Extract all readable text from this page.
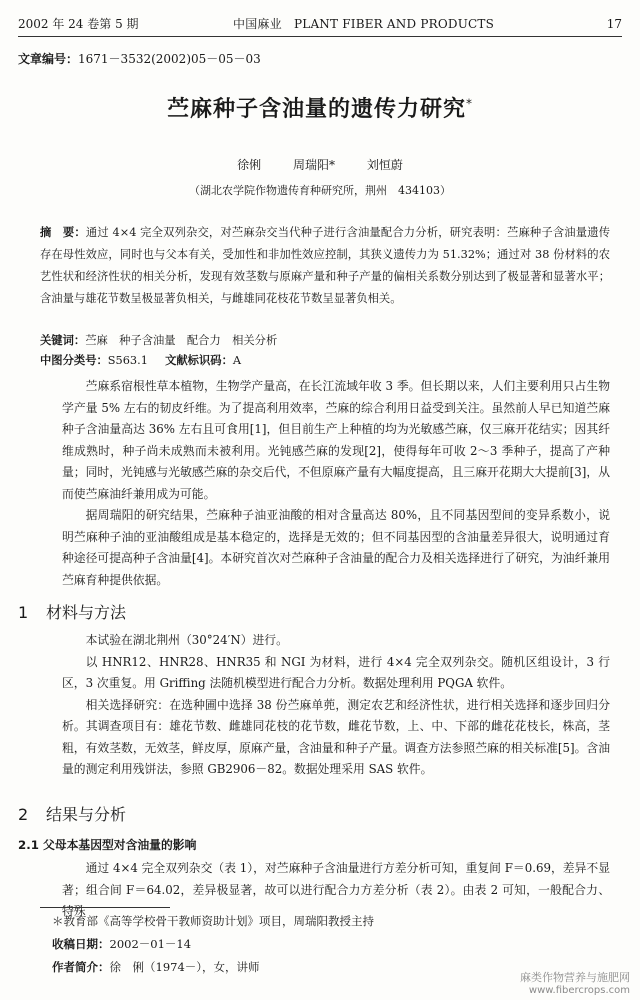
2002 年 24 卷第 5 期	中国麻业　PLANT FIBER AND PRODUCTS	17
文章编号：1671－3532(2002)05－05－03
苎麻种子含油量的遗传力研究*
徐俐	周瑞阳*	刘恒蔚
（湖北农学院作物遗传育种研究所，荆州　434103）
摘　要：通过 4×4 完全双列杂交，对苎麻杂交当代种子进行含油量配合力分析，研究表明：苎麻种子含油量遗传存在母性效应，同时也与父本有关，受加性和非加性效应控制，其狭义遗传力为 51.32%；通过对 38 份材料的农艺性状和经济性状的相关分析，发现有效茎数与原麻产量和种子产量的偏相关系数分别达到了极显著和显著水平；含油量与雄花节数呈极显著负相关，与雌雄同花枝花节数呈显著负相关。
关键词：苎麻　种子含油量　配合力　相关分析
中图分类号：S563.1 文献标识码：A

苎麻系宿根性草本植物，生物学产量高，在长江流域年收 3 季。但长期以来，人们主要利用只占生物学产量 5% 左右的韧皮纤维。为了提高利用效率，苎麻的综合利用日益受到关注。虽然前人早已知道苎麻种子含油量高达 36% 左右且可食用[1]，但目前生产上种植的均为光敏感苎麻，仅三麻开花结实；因其纤维成熟时，种子尚未成熟而未被利用。光钝感苎麻的发现[2]，使得每年可收 2～3 季种子，提高了产种量；同时，光钝感与光敏感苎麻的杂交后代，不但原麻产量有大幅度提高，且三麻开花期大大提前[3]，从而使苎麻油纤兼用成为可能。

据周瑞阳的研究结果，苎麻种子油亚油酸的相对含量高达 80%，且不同基因型间的变异系数小，说明苎麻种子油的亚油酸组成是基本稳定的，选择是无效的；但不同基因型的含油量差异很大，说明通过育种途径可提高种子含油量[4]。本研究首次对苎麻种子含油量的配合力及相关选择进行了研究，为油纤兼用苎麻育种提供依据。

1 材料与方法

本试验在湖北荆州（30°24′N）进行。

以 HNR12、HNR28、HNR35 和 NGI 为材料，进行 4×4 完全双列杂交。随机区组设计，3 行区，3 次重复。用 Griffing 法随机模型进行配合力分析。数据处理利用 PQGA 软件。

相关选择研究：在选种圃中选择 38 份苎麻单蔸，测定农艺和经济性状，进行相关选择和逐步回归分析。其调查项目有：雄花节数、雌雄同花枝的花节数，雌花节数，上、中、下部的雌花花枝长，株高，茎粗，有效茎数，无效茎，鲜皮厚，原麻产量，含油量和种子产量。调查方法参照苎麻的相关标准[5]。含油量的测定利用残饼法，参照 GB2906－82。数据处理采用 SAS 软件。

2 结果与分析
2.1 父母本基因型对含油量的影响

通过 4×4 完全双列杂交（表 1），对苎麻种子含油量进行方差分析可知，重复间 F＝0.69，差异不显著；组合间 F＝64.02，差异极显著，故可以进行配合力方差分析（表 2）。由表 2 可知，一般配合力、特殊

＊教育部《高等学校骨干教师资助计划》项目，周瑞阳教授主持
收稿日期：2002－01－14
作者简介：徐　俐（1974－），女，讲师
麻类作物营养与施肥网
www.fibercrops.com
